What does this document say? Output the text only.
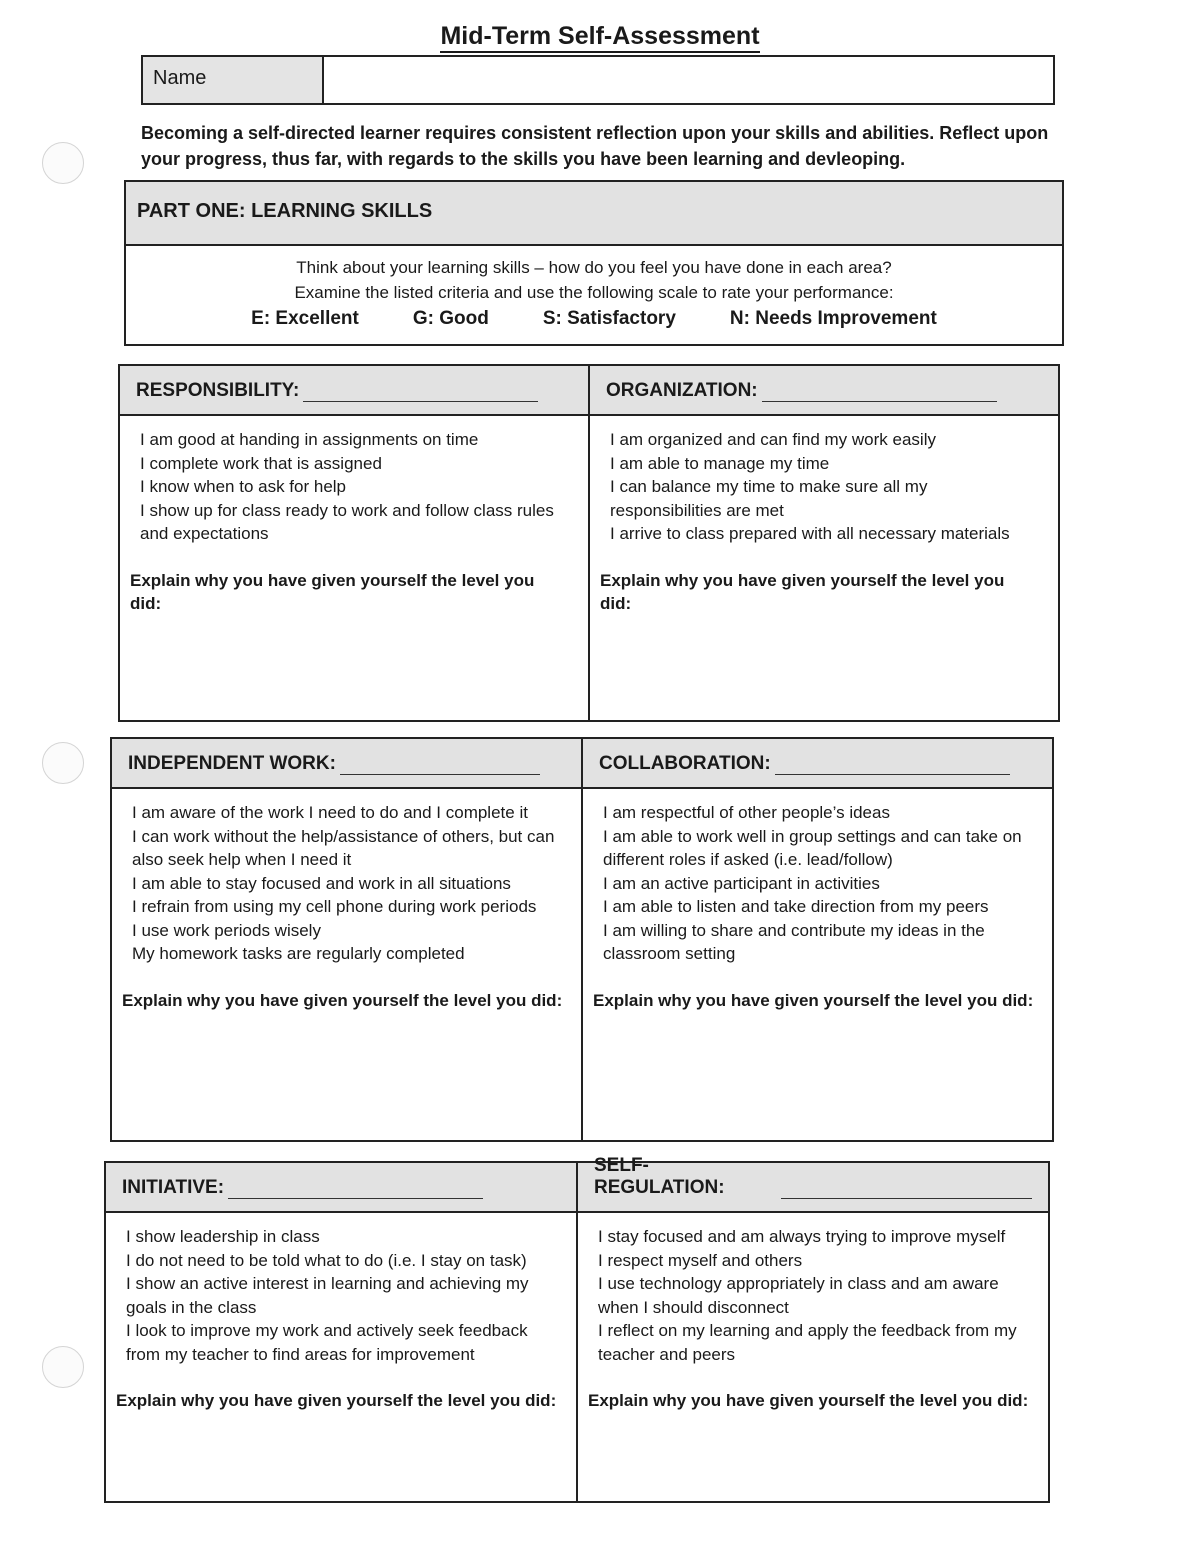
Mid-Term Self-Assessment
Name
Becoming a self-directed learner requires consistent reflection upon your skills and abilities. Reflect upon your progress, thus far, with regards to the skills you have been learning and devleoping.
PART ONE: LEARNING SKILLS
Think about your learning skills – how do you feel you have done in each area?
Examine the listed criteria and use the following scale to rate your performance:
E: Excellent	G: Good	S: Satisfactory	N: Needs Improvement
RESPONSIBILITY:
I am good at handing in assignments on time
I complete work that is assigned
I know when to ask for help
I show up for class ready to work and follow class rules and expectations
Explain why you have given yourself the level you did:
ORGANIZATION:
I am organized and can find my work easily
I am able to manage my time
I can balance my time to make sure all my responsibilities are met
I arrive to class prepared with all necessary materials
Explain why you have given yourself the level you did:
INDEPENDENT WORK:
I am aware of the work I need to do and I complete it
I can work without the help/assistance of others, but can also seek help when I need it
I am able to stay focused and work in all situations
I refrain from using my cell phone during work periods
I use work periods wisely
My homework tasks are regularly completed
Explain why you have given yourself the level you did:
COLLABORATION:
I am respectful of other people’s ideas
I am able to work well in group settings and can take on different roles if asked (i.e. lead/follow)
I am an active participant in activities
I am able to listen and take direction from my peers
I am willing to share and contribute my ideas in the classroom setting
Explain why you have given yourself the level you did:
INITIATIVE:
I show leadership in class
I do not need to be told what to do (i.e. I stay on task)
I show an active interest in learning and achieving my goals in the class
I look to improve my work and actively seek feedback from my teacher to find areas for improvement
Explain why you have given yourself the level you did:
SELF-REGULATION:
I stay focused and am always trying to improve myself
I respect myself and others
I use technology appropriately in class and am aware when I should disconnect
I reflect on my learning and apply the feedback from my teacher and peers
Explain why you have given yourself the level you did:
